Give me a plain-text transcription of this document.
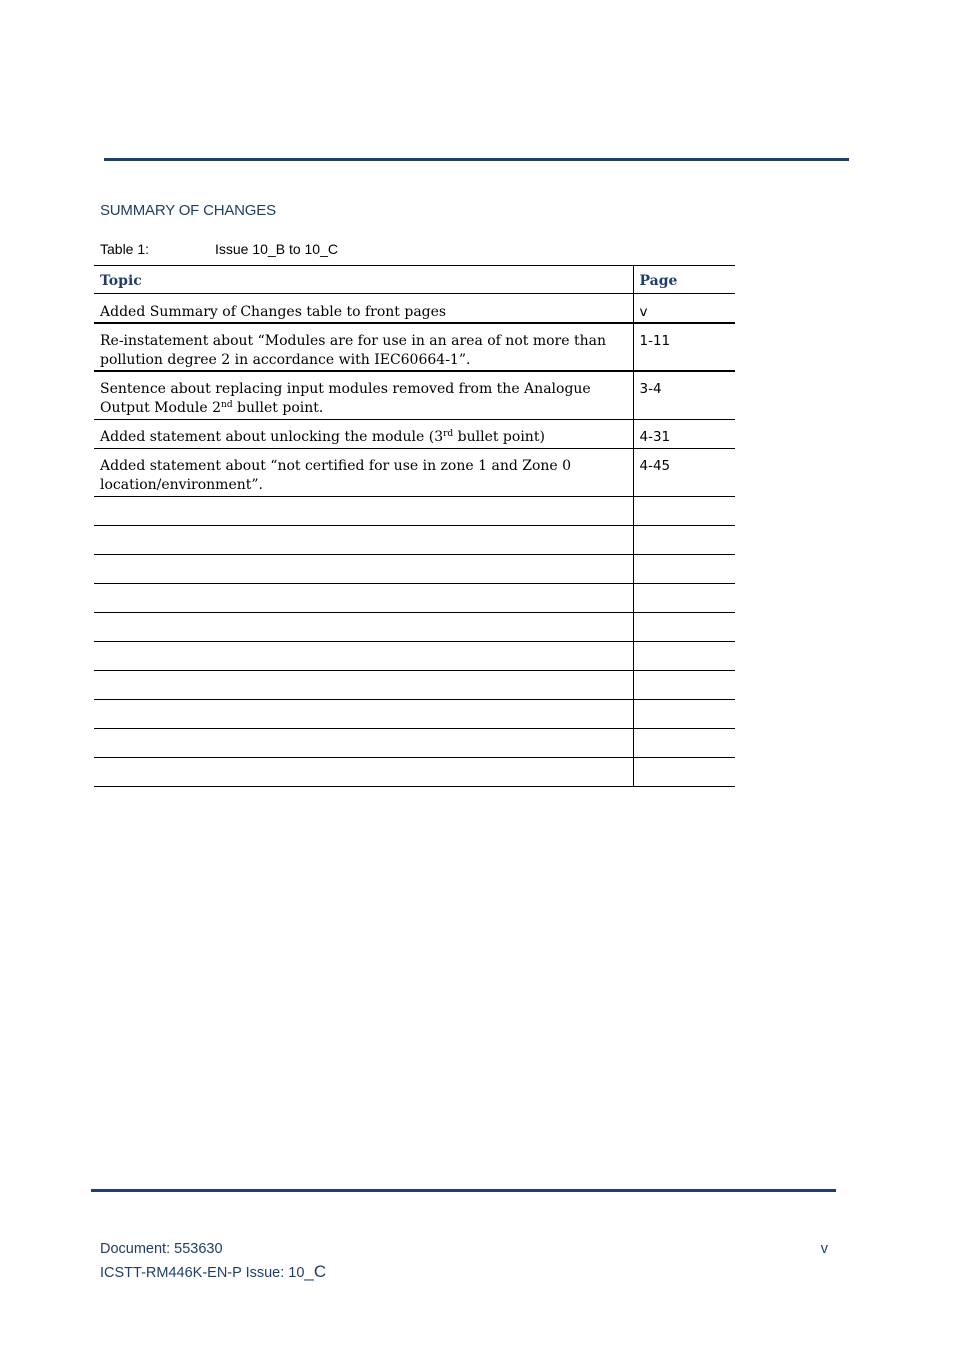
SUMMARY OF CHANGES
Table 1:	Issue 10_B to 10_C
Topic	Page
Added Summary of Changes table to front pages	v
Re-instatement about “Modules are for use in an area of not more than pollution degree 2 in accordance with IEC60664-1”.	1-11
Sentence about replacing input modules removed from the Analogue Output Module 2nd bullet point.	3-4
Added statement about unlocking the module (3rd bullet point)	4-31
Added statement about “not certified for use in zone 1 and Zone 0 location/environment”.	4-45

Document: 553630
ICSTT-RM446K-EN-P Issue: 10_C
v
